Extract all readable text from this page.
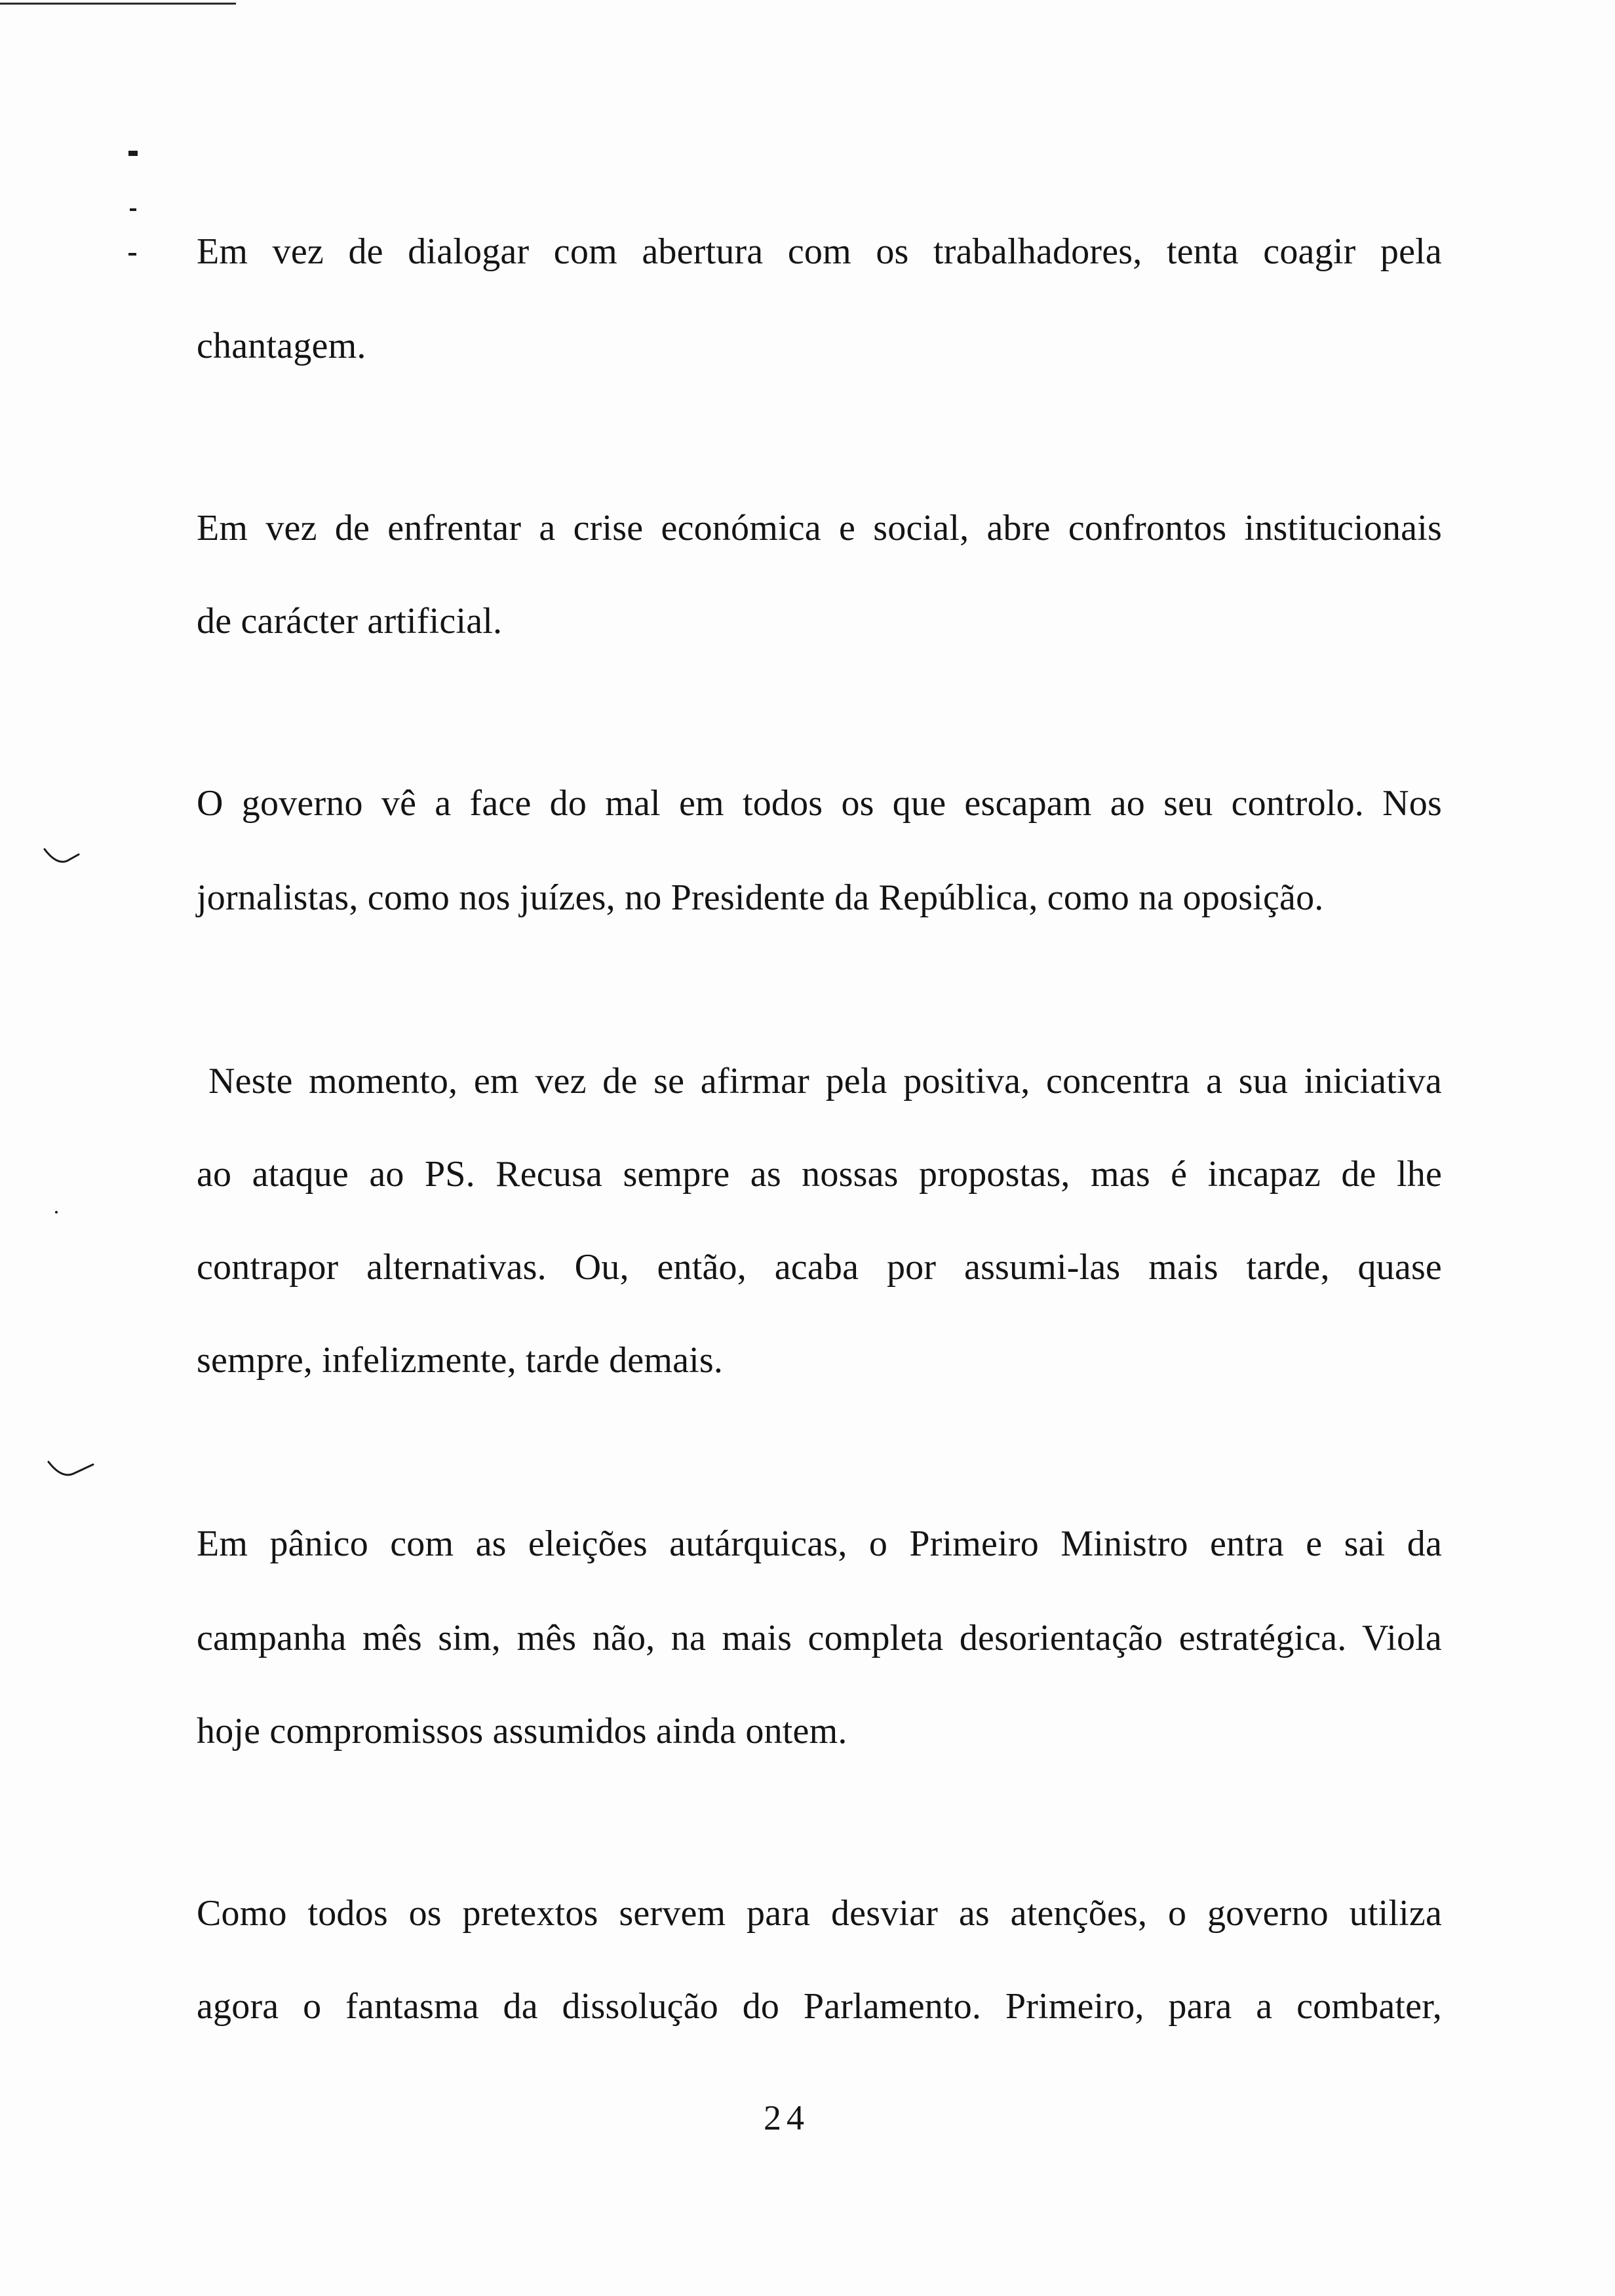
Em vez de dialogar com abertura com os trabalhadores, tenta coagir pela
chantagem.
Em vez de enfrentar a crise económica e social, abre confrontos institucionais
de carácter artificial.
O governo vê a face do mal em todos os que escapam ao seu controlo. Nos
jornalistas, como nos juízes, no Presidente da República, como na oposição.
Neste momento, em vez de se afirmar pela positiva, concentra a sua iniciativa
ao ataque ao PS. Recusa sempre as nossas propostas, mas é incapaz de lhe
contrapor alternativas. Ou, então, acaba por assumi-las mais tarde, quase
sempre, infelizmente, tarde demais.
Em pânico com as eleições autárquicas, o Primeiro Ministro entra e sai da
campanha mês sim, mês não, na mais completa desorientação estratégica. Viola
hoje compromissos assumidos ainda ontem.
Como todos os pretextos servem para desviar as atenções, o governo utiliza
agora o fantasma da dissolução do Parlamento. Primeiro, para a combater,
24
